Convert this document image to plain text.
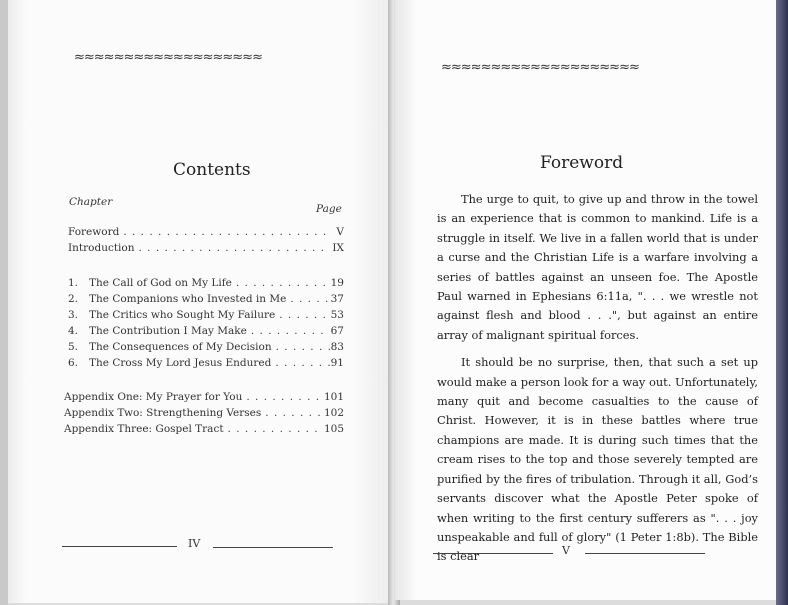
≈≈≈≈≈≈≈≈≈≈≈≈≈≈≈≈≈≈≈
Contents
Chapter
Page
Foreword . . .	V
Introduction . . .	IX
1.	The Call of God on My Life . . .	19
2.	The Companions who Invested in Me . . .	37
3.	The Critics who Sought My Failure . . .	53
4.	The Contribution I May Make . . .	67
5.	The Consequences of My Decision . . .	83
6.	The Cross My Lord Jesus Endured . . .	91
Appendix One: My Prayer for You . . .	101
Appendix Two: Strengthening Verses . . .	102
Appendix Three: Gospel Tract . . .	105
IV
≈≈≈≈≈≈≈≈≈≈≈≈≈≈≈≈≈≈≈≈
Foreword

The urge to quit, to give up and throw in the towel is an experience that is common to mankind. Life is a struggle in itself. We live in a fallen world that is under a curse and the Christian Life is a warfare involving a series of battles against an unseen foe. The Apostle Paul warned in Ephesians 6:11a, ". . . we wrestle not against flesh and blood . . .", but against an entire array of malignant spiritual forces.

It should be no surprise, then, that such a set up would make a person look for a way out. Unfortunately, many quit and become casualties to the cause of Christ. However, it is in these battles where true champions are made. It is during such times that the cream rises to the top and those severely tempted are purified by the fires of tribulation. Through it all, God’s servants discover what the Apostle Peter spoke of when writing to the first century sufferers as ". . . joy unspeakable and full of glory" (1 Peter 1:8b). The Bible is clear	V
